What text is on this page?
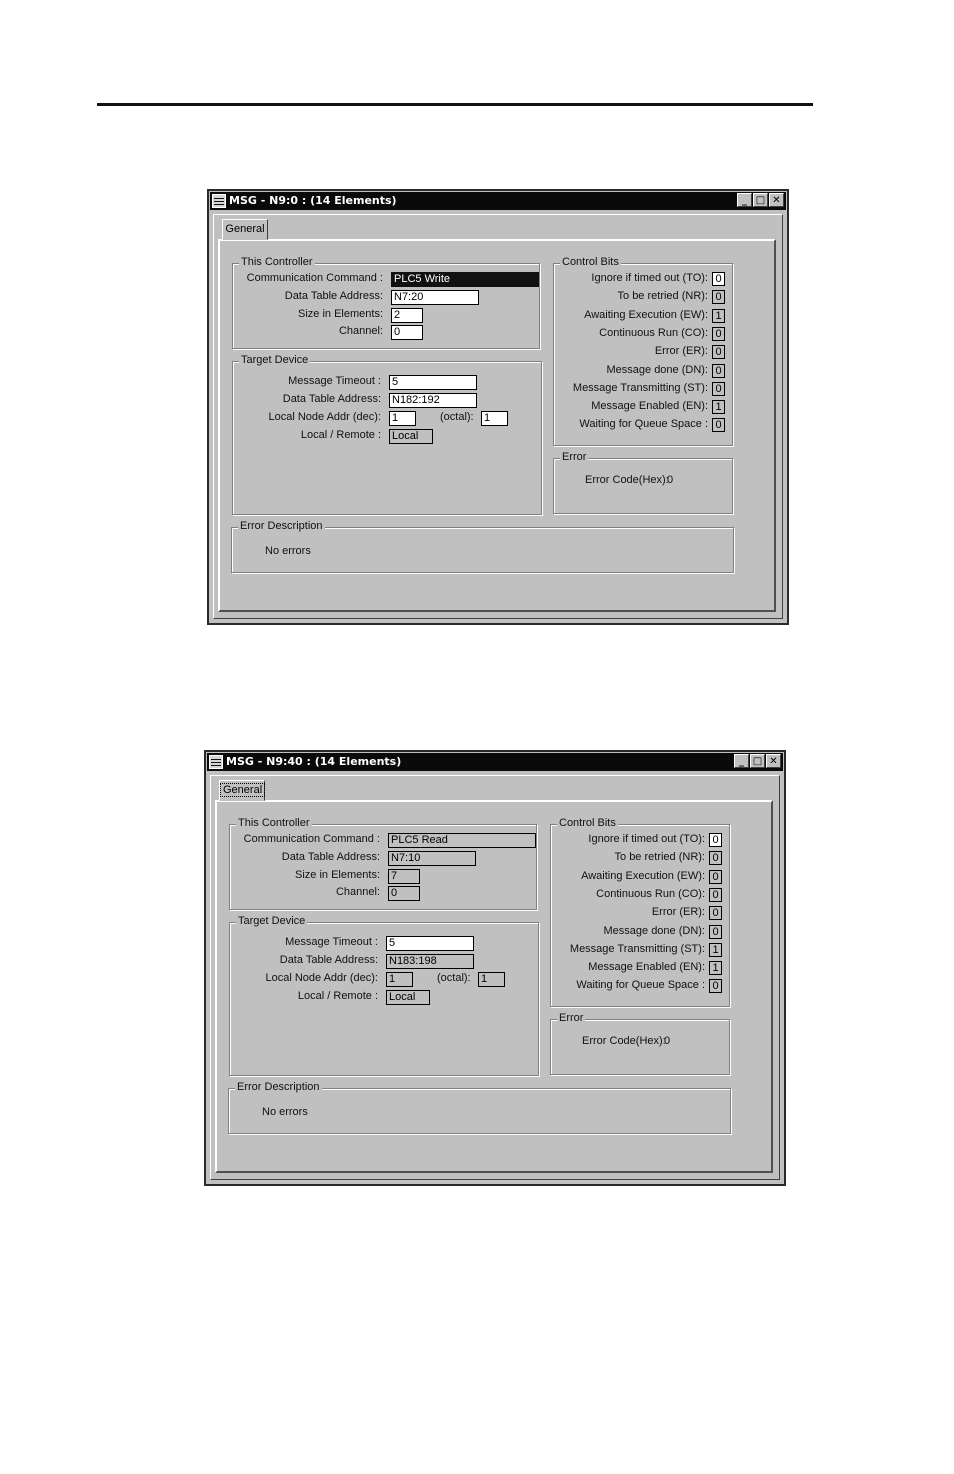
MSG - N9:0 : (14 Elements)	_ □ ✕
General
This Controller
Communication Command : PLC5 Write
Data Table Address: N7:20
Size in Elements: 2
Channel: 0
Target Device
Message Timeout : 5
Data Table Address: N182:192
Local Node Addr (dec): 1	(octal): 1
Local / Remote : Local
Control Bits
Ignore if timed out (TO): 0
To be retried (NR): 0
Awaiting Execution (EW): 1
Continuous Run (CO): 0
Error (ER): 0
Message done (DN): 0
Message Transmitting (ST): 0
Message Enabled (EN): 1
Waiting for Queue Space : 0
Error
Error Code(Hex):
0
Error Description
No errors
MSG - N9:40 : (14 Elements)	_ □ ✕
General
This Controller
Communication Command : PLC5 Read
Data Table Address: N7:10
Size in Elements: 7
Channel: 0
Target Device
Message Timeout : 5
Data Table Address: N183:198
Local Node Addr (dec): 1	(octal): 1
Local / Remote : Local
Control Bits
Ignore if timed out (TO): 0
To be retried (NR): 0
Awaiting Execution (EW): 0
Continuous Run (CO): 0
Error (ER): 0
Message done (DN): 0
Message Transmitting (ST): 1
Message Enabled (EN): 1
Waiting for Queue Space : 0
Error
Error Code(Hex):
0
Error Description
No errors
